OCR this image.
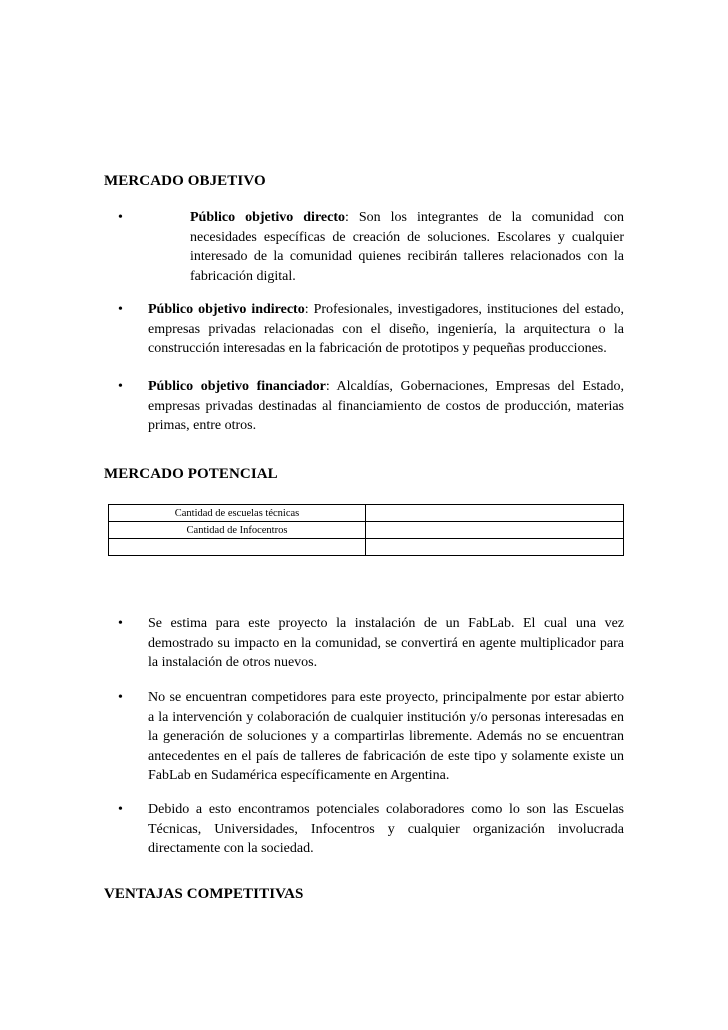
MERCADO OBJETIVO
•	Público objetivo directo: Son los integrantes de la comunidad con necesidades específicas de creación de soluciones. Escolares y cualquier interesado de la comunidad quienes recibirán talleres relacionados con la fabricación digital.
• Público objetivo indirecto: Profesionales, investigadores, instituciones del estado, empresas privadas relacionadas con el diseño, ingeniería, la arquitectura o la construcción interesadas en la fabricación de prototipos y pequeñas producciones.
• Público objetivo financiador: Alcaldías, Gobernaciones, Empresas del Estado, empresas privadas destinadas al financiamiento de costos de producción, materias primas, entre otros.
MERCADO POTENCIAL
Cantidad de escuelas técnicas	
Cantidad de Infocentros	

• Se estima para este proyecto la instalación de un FabLab. El cual una vez demostrado su impacto en la comunidad, se convertirá en agente multiplicador para la instalación de otros nuevos.
• No se encuentran competidores para este proyecto, principalmente por estar abierto a la intervención y colaboración de cualquier institución y/o personas interesadas en la generación de soluciones y a compartirlas libremente. Además no se encuentran antecedentes en el país de talleres de fabricación de este tipo y solamente existe un FabLab en Sudamérica específicamente en Argentina.
• Debido a esto encontramos potenciales colaboradores como lo son las Escuelas Técnicas, Universidades, Infocentros y cualquier organización involucrada directamente con la sociedad.
VENTAJAS COMPETITIVAS
